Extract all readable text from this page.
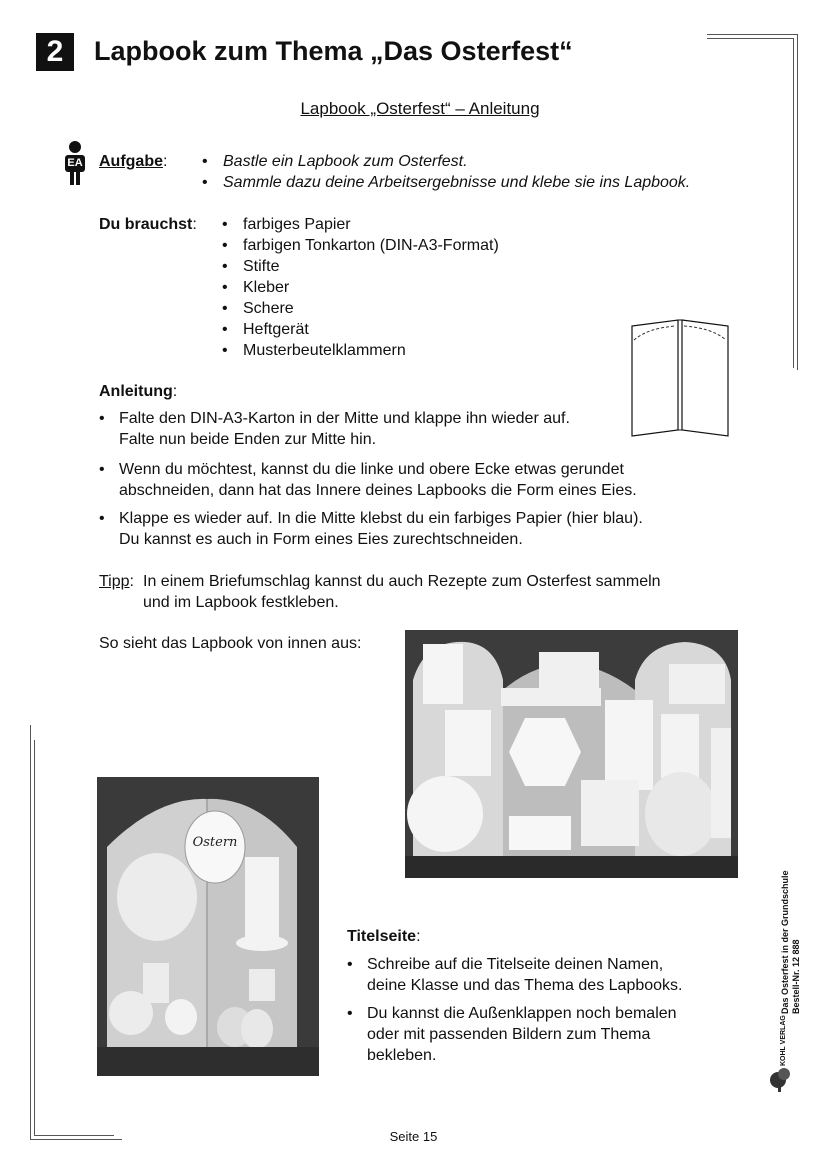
2	Lapbook zum Thema „Das Osterfest“
Lapbook „Osterfest“ – Anleitung
EA Aufgabe: • Bastle ein Lapbook zum Osterfest.
• Sammle dazu deine Arbeitsergebnisse und klebe sie ins Lapbook.
Du brauchst: • farbiges Papier
• farbigen Tonkarton (DIN-A3-Format)
• Stifte
• Kleber
• Schere
• Heftgerät
• Musterbeutelklammern
Anleitung:
• Falte den DIN-A3-Karton in der Mitte und klappe ihn wieder auf.
Falte nun beide Enden zur Mitte hin.
• Wenn du möchtest, kannst du die linke und obere Ecke etwas gerundet
abschneiden, dann hat das Innere deines Lapbooks die Form eines Eies.
• Klappe es wieder auf. In die Mitte klebst du ein farbiges Papier (hier blau).
Du kannst es auch in Form eines Eies zurechtschneiden.
Tipp: In einem Briefumschlag kannst du auch Rezepte zum Osterfest sammeln
und im Lapbook festkleben.
So sieht das Lapbook von innen aus:
Ostern
Titelseite:
• Schreibe auf die Titelseite deinen Namen,
deine Klasse und das Thema des Lapbooks.
• Du kannst die Außenklappen noch bemalen
oder mit passenden Bildern zum Thema
bekleben.
Das Osterfest in der Grundschule Bestell-Nr. 12 888
KOHL VERLAG
Seite 15
